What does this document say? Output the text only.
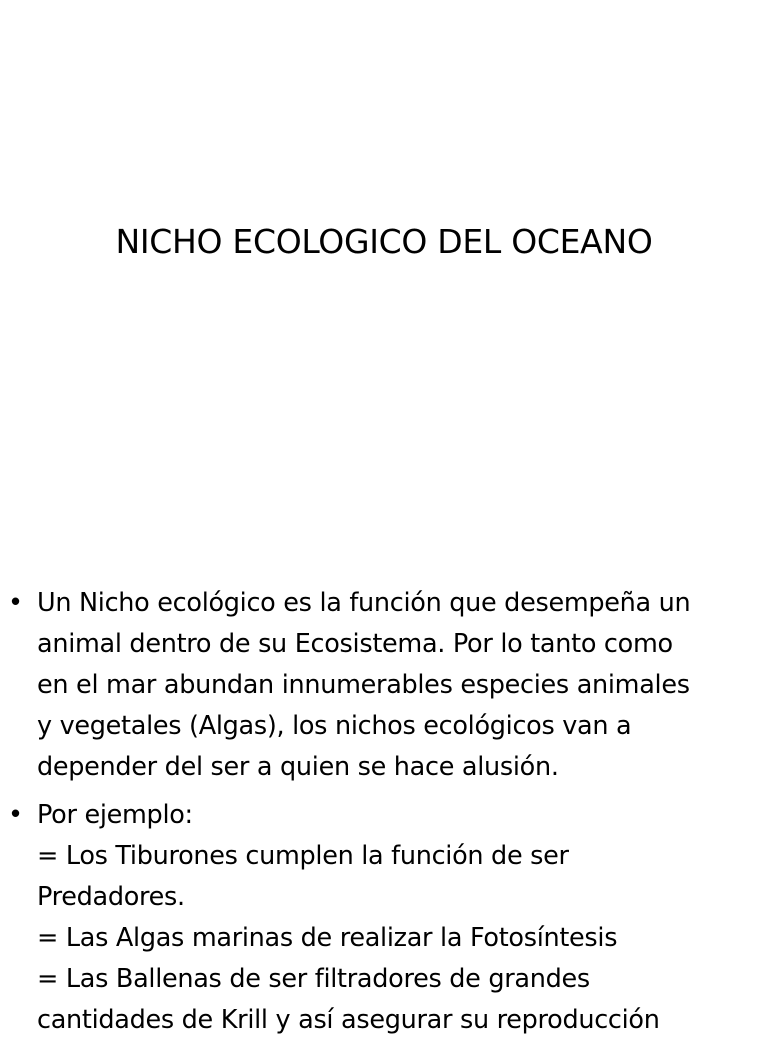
NICHO ECOLOGICO DEL OCEANO
• Un Nicho ecológico es la función que desempeña un
animal dentro de su Ecosistema. Por lo tanto como
en el mar abundan innumerables especies animales
y vegetales (Algas), los nichos ecológicos van a
depender del ser a quien se hace alusión.
• Por ejemplo:
= Los Tiburones cumplen la función de ser
Predadores.
= Las Algas marinas de realizar la Fotosíntesis
= Las Ballenas de ser filtradores de grandes
cantidades de Krill y así asegurar su reproducción
